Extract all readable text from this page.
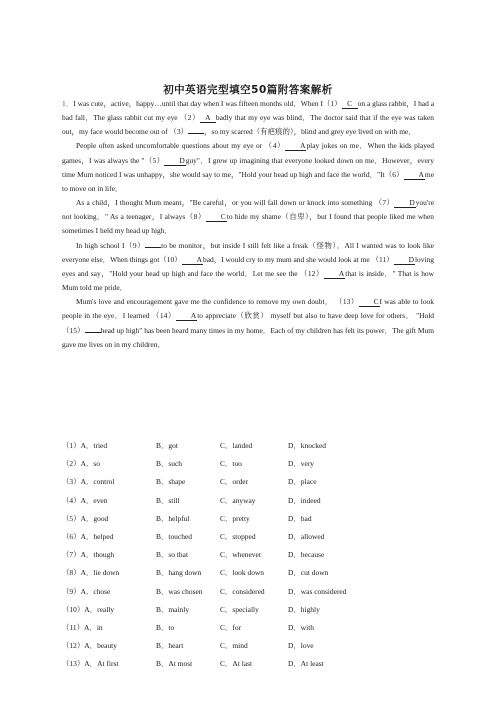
初中英语完型填空50篇附答案解析

1．I was cute，active，happy…until that day when I was fifteen months old．When I（1） C on a glass rabbit，I had a bad fall．The glass rabbit cut my eye （2） A badly that my eye was blind．The doctor said that if the eye was taken out，my face would become out of （3） ，so my scarred（有疤痕的），blind and grey eye lived on with me．

People often asked uncomfortable questions about my eye or （4） Aplay jokes on me．When the kids played games，I was always the "（5） Dguy"．I grew up imagining that everyone looked down on me．However，every time Mum noticed I was unhappy，she would say to me，"Hold your head up high and face the world．"It（6） Ame to move on in life．

As a child，I thought Mum meant，"Be careful，or you will fall down or knock into something （7） Dyou're not looking．" As a teenager，I always（8） Cto hide my shame（自卑），but I found that people liked me when sometimes I held my head up high．

In high school I（9） to be monitor，but inside I still felt like a freak（怪物）．All I wanted was to look like everyone else．When things got（10） Abad，I would cry to my mum and she would look at me （11） Dloving eyes and say，"Hold your head up high and face the world．Let me see the （12） Athat is inside．" That is how Mum told me pride．

Mum's love and encouragement gave me the confidence to remove my own doubt． （13） CI was able to look people in the eye．I learned （14） Ato appreciate（欣赏） myself but also to have deep love for others． "Hold （15） head up high" has been heard many times in my home．Each of my children has felt its power．The gift Mum gave me lives on in my children．

（1）A．tried	B．got	C．landed	D．knocked
（2）A．so	B．such	C．too	D．very
（3）A．control	B．shape	C．order	D．place
（4）A．even	B．still	C．anyway	D．indeed
（5）A．good	B．helpful	C．pretty	D．bad
（6）A．helped	B．touched	C．stopped	D．allowed
（7）A．though	B．so that	C．whenever	D．because
（8）A．lie down	B．hang down	C．look down	D．cut down
（9）A．chose	B．was chosen C．considered	D．was considered
（10）A．really	B．mainly	C．specially	D．highly
（11）A．in	B．to	C．for	D．with
（12）A．beauty	B．heart	C．mind	D．love
（13）A．At first	B．At most	C．At last	D．At least
